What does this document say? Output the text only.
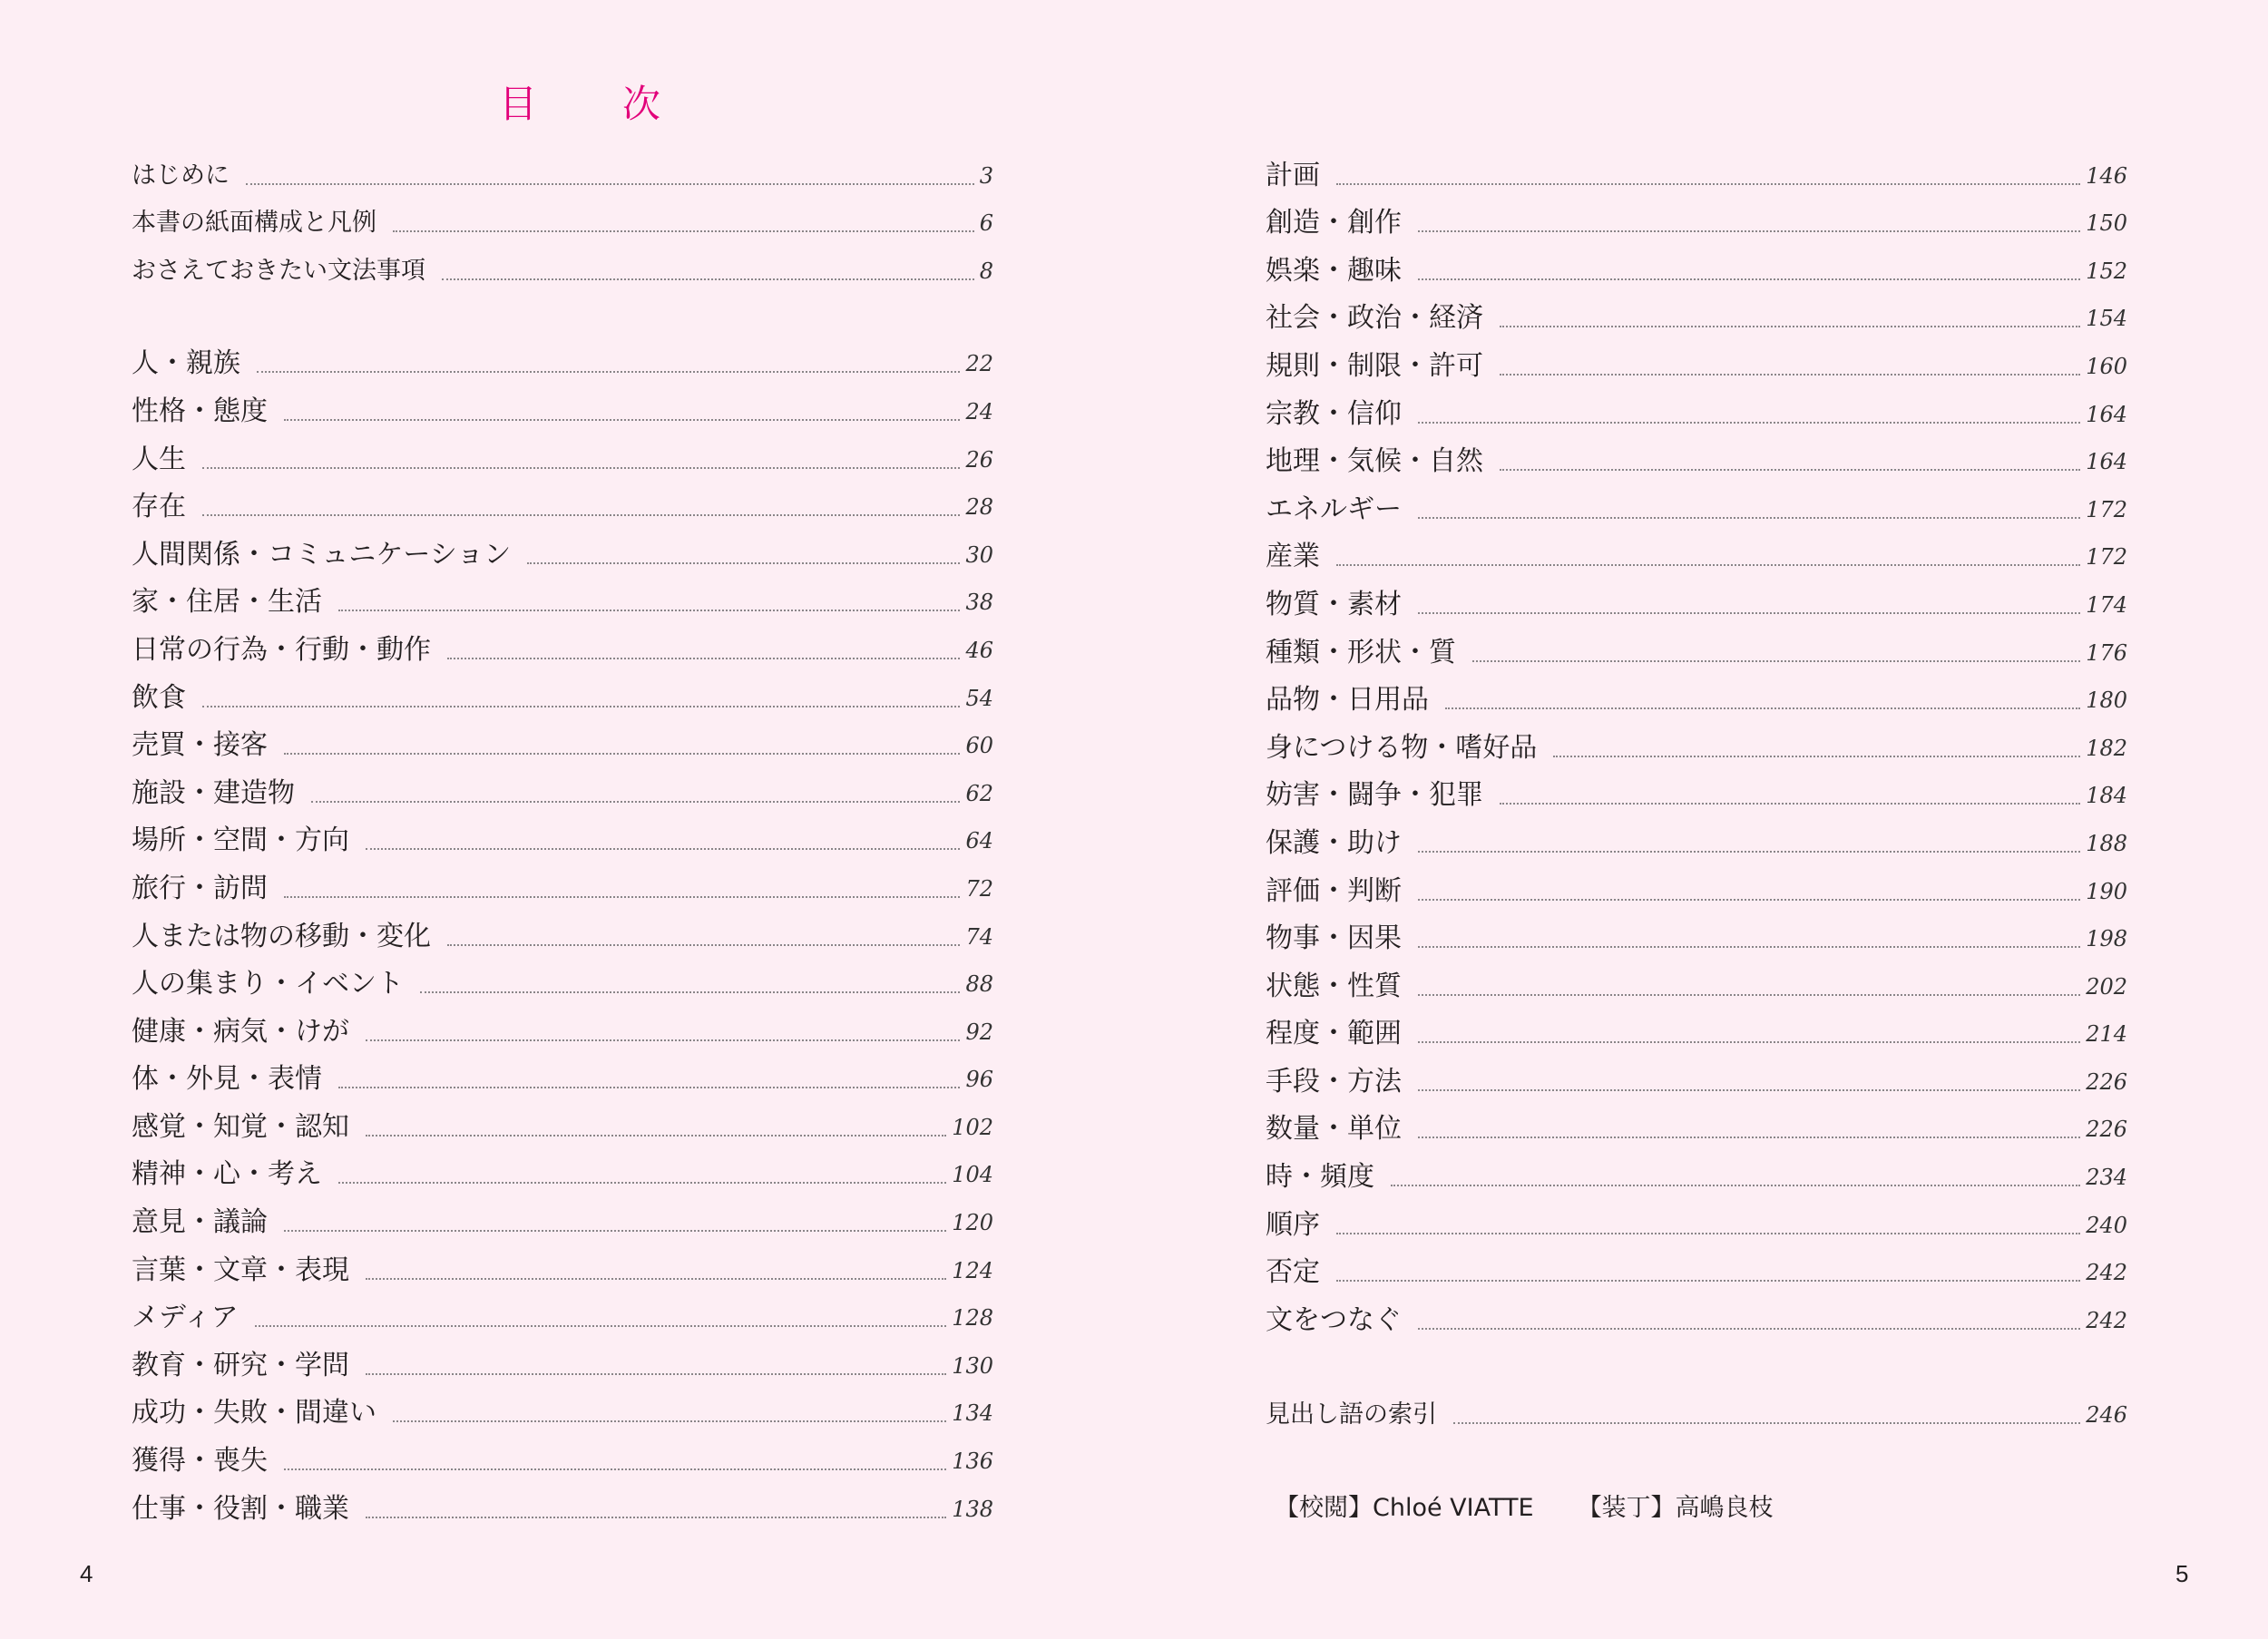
目　次
はじめに	3
本書の紙面構成と凡例	6
おさえておきたい文法事項	8
人・親族	22
性格・態度	24
人生	26
存在	28
人間関係・コミュニケーション	30
家・住居・生活	38
日常の行為・行動・動作	46
飲食	54
売買・接客	60
施設・建造物	62
場所・空間・方向	64
旅行・訪問	72
人または物の移動・変化	74
人の集まり・イベント	88
健康・病気・けが	92
体・外見・表情	96
感覚・知覚・認知	102
精神・心・考え	104
意見・議論	120
言葉・文章・表現	124
メディア	128
教育・研究・学問	130
成功・失敗・間違い	134
獲得・喪失	136
仕事・役割・職業	138
計画	146
創造・創作	150
娯楽・趣味	152
社会・政治・経済	154
規則・制限・許可	160
宗教・信仰	164
地理・気候・自然	164
エネルギー	172
産業	172
物質・素材	174
種類・形状・質	176
品物・日用品	180
身につける物・嗜好品	182
妨害・闘争・犯罪	184
保護・助け	188
評価・判断	190
物事・因果	198
状態・性質	202
程度・範囲	214
手段・方法	226
数量・単位	226
時・頻度	234
順序	240
否定	242
文をつなぐ	242
見出し語の索引	246
【校閲】Chloé VIATTE 【装丁】高嶋良枝
4	5
